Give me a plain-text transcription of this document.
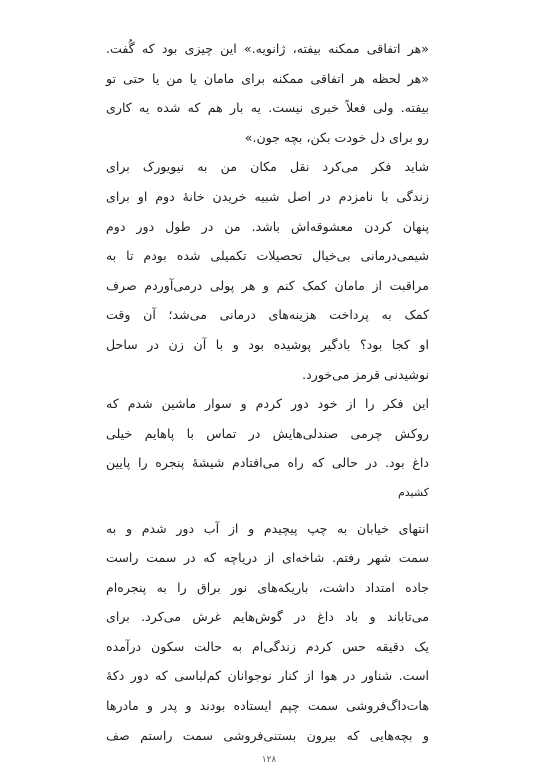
«هر اتفاقی ممکنه بیفته، ژانویه.» این چیزی بود که گُفت.
«هر لحظه هر اتفاقی ممکنه برای مامان یا من یا حتی تو
بیفته. ولی فعلاً خبری نیست. یه بار هم که شده یه کاری
رو برای دل خودت بکن، بچه جون.»
شاید فکر می‌کرد نقل مکان من به نیویورک برای
زندگی با نامزدم در اصل شبیه خریدن خانهٔ دوم او برای
پنهان کردن معشوقه‌اش باشد. من در طول دور دوم
شیمی‌درمانی بی‌خیال تحصیلات تکمیلی شده بودم تا به
مراقبت از مامان کمک کنم و هر پولی درمی‌آوردم صرف
کمک به پرداخت هزینه‌های درمانی می‌شد؛ آن وقت
او کجا بود؟ بادگیر پوشیده بود و با آن زن در ساحل
نوشیدنی قرمز می‌خورد.
این فکر را از خود دور کردم و سوار ماشین شدم که
روکش چرمی صندلی‌هایش در تماس با پاهایم خیلی
داغ بود. در حالی که راه می‌افتادم شیشهٔ پنجره را پایین
کشیدم
انتهای خیابان به چپ پیچیدم و از آب دور شدم و به
سمت شهر رفتم. شاخه‌ای از دریاچه که در سمت راست
جاده امتداد داشت، باریکه‌های نور براق را به پنجره‌ام
می‌تاباند و باد داغ در گوش‌هایم غرش می‌کرد. برای
یک دقیقه حس کردم زندگی‌ام به حالت سکون درآمده
است. شناور در هوا از کنار نوجوانان کم‌لباسی که دور دکهٔ
هات‌داگ‌فروشی سمت چپم ایستاده بودند و پدر و مادرها
و بچه‌هایی که بیرون بستنی‌فروشی سمت راستم صف
۱۲۸
